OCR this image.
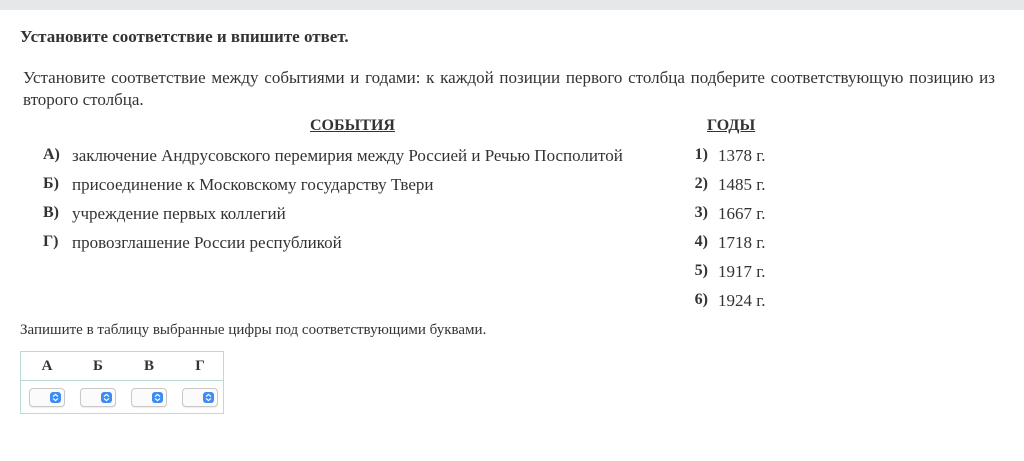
Установите соответствие и впишите ответ.
Установите соответствие между событиями и годами: к каждой позиции первого столбца подберите соответствующую позицию из второго столбца.
СОБЫТИЯ	ГОДЫ
А) заключение Андрусовского перемирия между Россией и Речью Посполитой
Б) присоединение к Московскому государству Твери
В) учреждение первых коллегий
Г) провозглашение России республикой
1) 1378 г.
2) 1485 г.
3) 1667 г.
4) 1718 г.
5) 1917 г.
6) 1924 г.
Запишите в таблицу выбранные цифры под соответствующими буквами.
А	Б	В	Г
